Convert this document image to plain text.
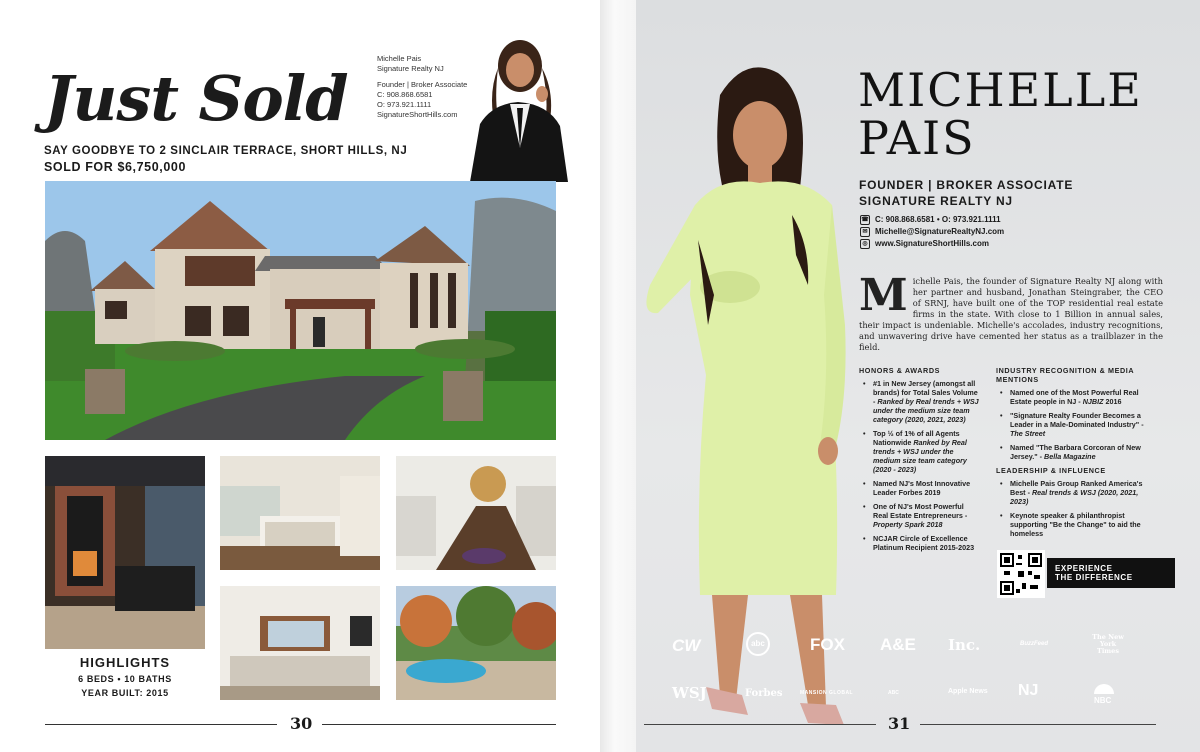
Just Sold
Michelle Pais
Signature Realty NJ
Founder | Broker Associate
C: 908.868.6581
O: 973.921.1111
SignatureShortHills.com
SAY GOODBYE TO 2 SINCLAIR TERRACE, SHORT HILLS, NJ
SOLD FOR $6,750,000
HIGHLIGHTS
6 BEDS • 10 BATHS
YEAR BUILT: 2015
30
MICHELLE
PAIS
FOUNDER | BROKER ASSOCIATE
SIGNATURE REALTY NJ
☎ C: 908.868.6581 • O: 973.921.1111
✉ Michelle@SignatureRealtyNJ.com
◎ www.SignatureShortHills.com
Michelle Pais, the founder of Signature Realty NJ along with her partner and husband, Jonathan Steingraber, the CEO of SRNJ, have built one of the TOP residential real estate firms in the state. With close to 1 Billion in annual sales, their impact is undeniable. Michelle's accolades, industry recognitions, and unwavering drive have cemented her status as a trailblazer in the field.
HONORS & AWARDS
• #1 in New Jersey (amongst all brands) for Total Sales Volume - Ranked by Real trends + WSJ under the medium size team category (2020, 2021, 2023)
• Top ½ of 1% of all Agents Nationwide Ranked by Real trends + WSJ under the medium size team category (2020 - 2023)
• Named NJ's Most Innovative Leader Forbes 2019
• One of NJ's Most Powerful Real Estate Entrepreneurs - Property Spark 2018
• NCJAR Circle of Excellence Platinum Recipient 2015-2023
INDUSTRY RECOGNITION & MEDIA MENTIONS
• Named one of the Most Powerful Real Estate people in NJ - NJBIZ 2016
• "Signature Realty Founder Becomes a Leader in a Male-Dominated Industry" - The Street
• Named "The Barbara Corcoran of New Jersey." - Bella Magazine
LEADERSHIP & INFLUENCE
• Michelle Pais Group Ranked America's Best - Real trends & WSJ (2020, 2021, 2023)
• Keynote speaker & philanthropist supporting "Be the Change" to aid the homeless
EXPERIENCE
THE DIFFERENCE
CW	abc	FOX A&E Inc.	BuzzFeed
The New York Times
WSJ	Forbes	MANSION GLOBAL	ABC	Apple News NJ
NBC
31
